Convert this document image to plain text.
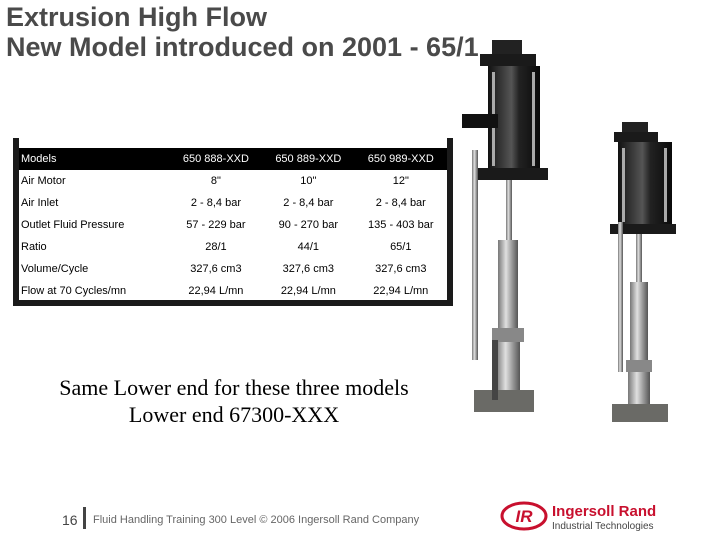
Extrusion High Flow
New Model introduced on 2001 - 65/1
Models	650 888-XXD	650 889-XXD	650 989-XXD
Air Motor	8"	10"	12"
Air Inlet	2 - 8,4 bar	2 - 8,4 bar	2 - 8,4 bar
Outlet Fluid Pressure	57 - 229 bar	90 - 270 bar	135 - 403 bar
Ratio	28/1	44/1	65/1
Volume/Cycle	327,6 cm3	327,6 cm3	327,6 cm3
Flow at 70 Cycles/mn	22,94 L/mn	22,94 L/mn	22,94 L/mn
Same Lower end for these three models
Lower end 67300-XXX
16 Fluid Handling Training 300 Level © 2006 Ingersoll Rand Company	IR Ingersoll Rand
Industrial Technologies
